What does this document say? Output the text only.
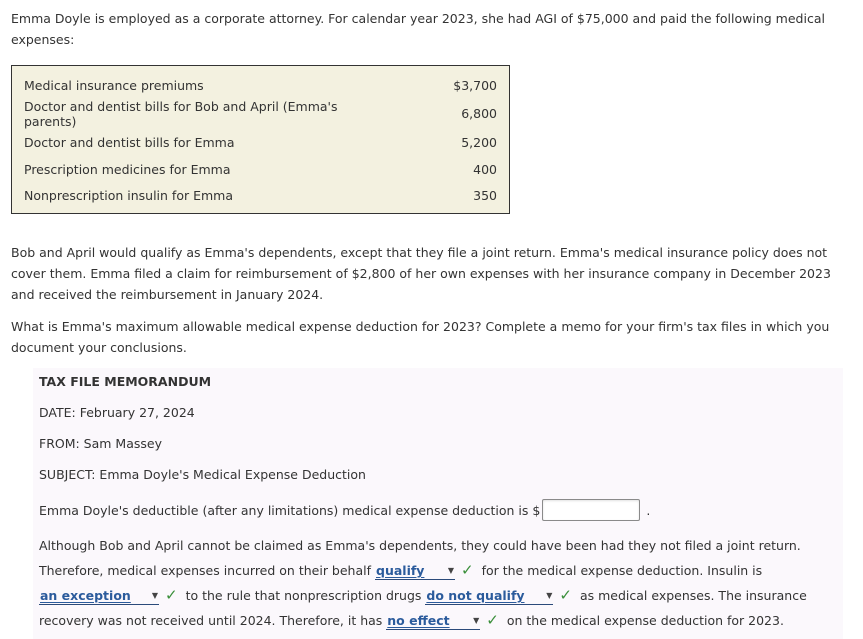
Emma Doyle is employed as a corporate attorney. For calendar year 2023, she had AGI of $75,000 and paid the following medical expenses:

Medical insurance premiums	$3,700
Doctor and dentist bills for Bob and April (Emma's parents)	6,800
Doctor and dentist bills for Emma	5,200
Prescription medicines for Emma	400
Nonprescription insulin for Emma	350

Bob and April would qualify as Emma's dependents, except that they file a joint return. Emma's medical insurance policy does not cover them. Emma filed a claim for reimbursement of $2,800 of her own expenses with her insurance company in December 2023 and received the reimbursement in January 2024.

What is Emma's maximum allowable medical expense deduction for 2023? Complete a memo for your firm's tax files in which you document your conclusions.

TAX FILE MEMORANDUM
DATE: February 27, 2024
FROM: Sam Massey
SUBJECT: Emma Doyle's Medical Expense Deduction
Emma Doyle's deductible (after any limitations) medical expense deduction is $	.
Although Bob and April cannot be claimed as Emma's dependents, they could have been had they not filed a joint return. Therefore, medical expenses incurred on their behalf qualify	▼ ✓ for the medical expense deduction. Insulin is
an exception	▼ ✓ to the rule that nonprescription drugs do not qualify	▼ ✓ as medical expenses. The insurance recovery was not received until 2024. Therefore, it has no effect	▼ ✓ on the medical expense deduction for 2023.
